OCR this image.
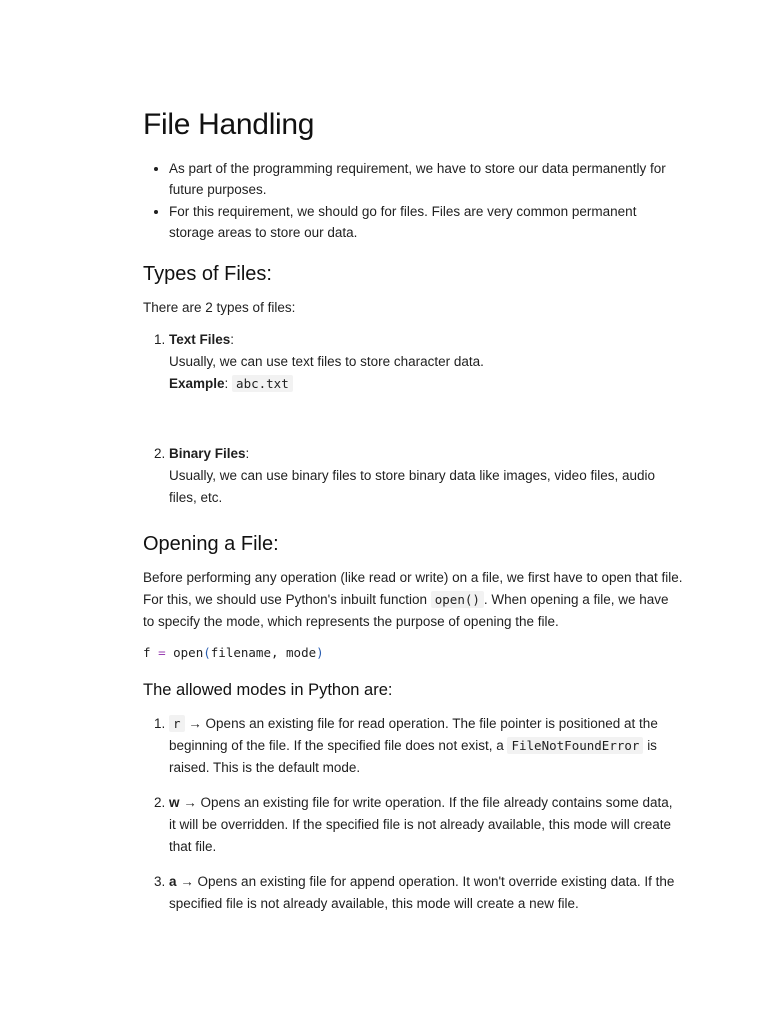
File Handling
• As part of the programming requirement, we have to store our data permanently for future purposes.
• For this requirement, we should go for files. Files are very common permanent storage areas to store our data.
Types of Files:

There are 2 types of files:

1. Text Files:
Usually, we can use text files to store character data.
Example: abc.txt
2. Binary Files:
Usually, we can use binary files to store binary data like images, video files, audio files, etc.
Opening a File:

Before performing any operation (like read or write) on a file, we first have to open that file. For this, we should use Python's inbuilt function open() . When opening a file, we have to specify the mode, which represents the purpose of opening the file.

f = open(filename, mode)
The allowed modes in Python are:
1. r → Opens an existing file for read operation. The file pointer is positioned at the beginning of the file. If the specified file does not exist, a FileNotFoundError is raised. This is the default mode.
2. w → Opens an existing file for write operation. If the file already contains some data, it will be overridden. If the specified file is not already available, this mode will create that file.
3. a → Opens an existing file for append operation. It won't override existing data. If the specified file is not already available, this mode will create a new file.
